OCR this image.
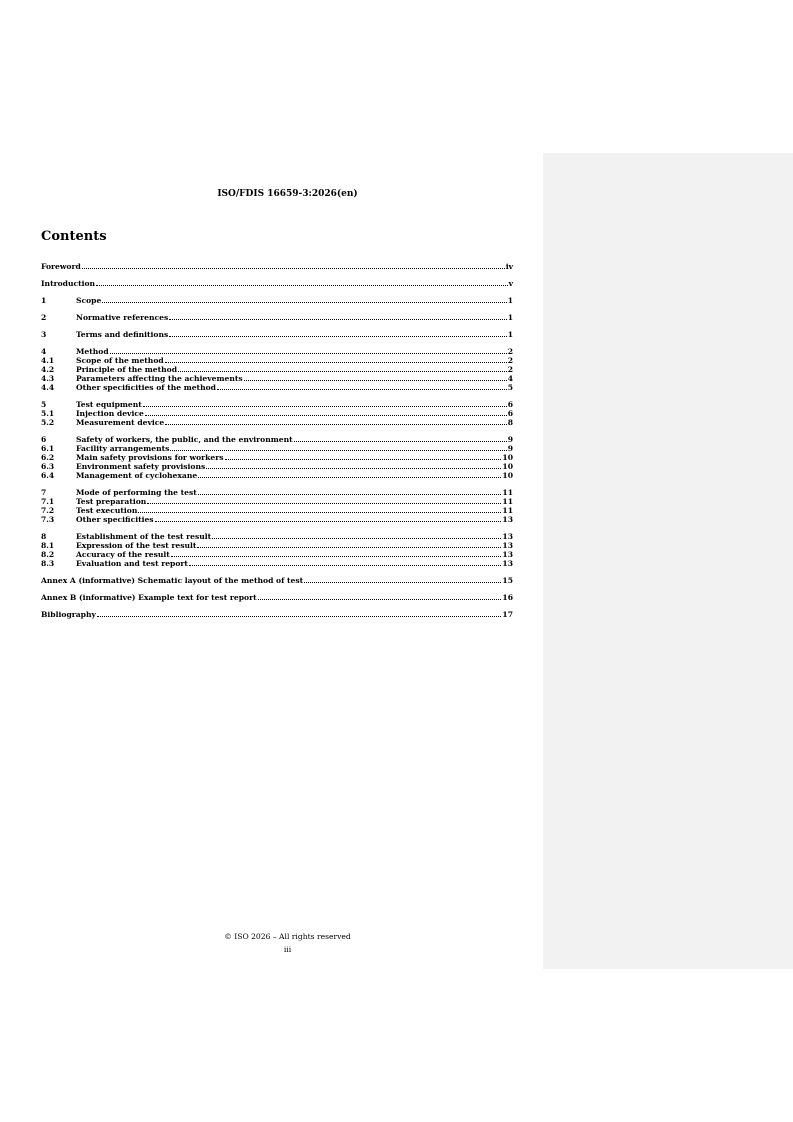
ISO/FDIS 16659-3:2026(en)
Contents
Foreword	iv
Introduction	v
1	Scope	1
2	Normative references	1
3	Terms and definitions	1
4	Method	2
4.1	Scope of the method	2
4.2	Principle of the method	2
4.3	Parameters affecting the achievements	4
4.4	Other specificities of the method	5
5	Test equipment	6
5.1	Injection device	6
5.2	Measurement device	8
6	Safety of workers, the public, and the environment	9
6.1	Facility arrangements	9
6.2	Main safety provisions for workers	10
6.3	Environment safety provisions	10
6.4	Management of cyclohexane	10
7	Mode of performing the test	11
7.1	Test preparation	11
7.2	Test execution	11
7.3	Other specificities	13
8	Establishment of the test result	13
8.1	Expression of the test result	13
8.2	Accuracy of the result	13
8.3	Evaluation and test report	13
Annex A (informative) Schematic layout of the method of test	15
Annex B (informative) Example text for test report	16
Bibliography	17
© ISO 2026 – All rights reserved
iii
